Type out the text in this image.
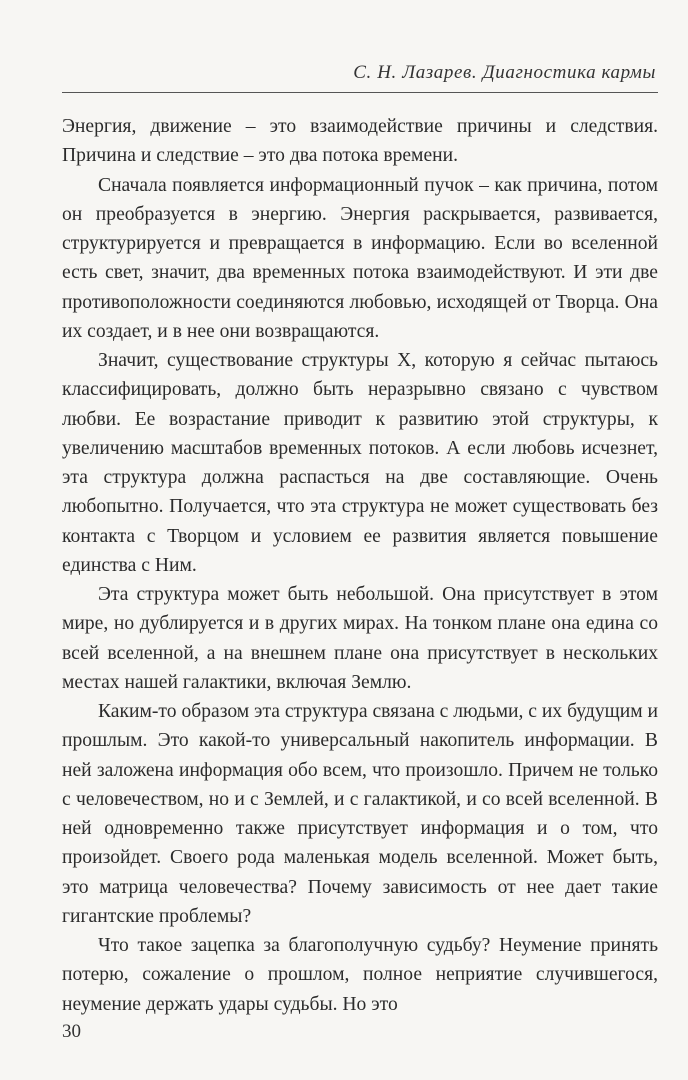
С. Н. Лазарев. Диагностика кармы

Энергия, движение – это взаимодействие причины и следствия. Причина и следствие – это два потока времени.

Сначала появляется информационный пучок – как причина, потом он преобразуется в энергию. Энергия раскрывается, развивается, структурируется и превращается в информацию. Если во вселенной есть свет, значит, два временных потока взаимодействуют. И эти две противоположности соединяются любовью, исходящей от Творца. Она их создает, и в нее они возвращаются.

Значит, существование структуры X, которую я сейчас пытаюсь классифицировать, должно быть неразрывно связано с чувством любви. Ее возрастание приводит к развитию этой структуры, к увеличению масштабов временных потоков. А если любовь исчезнет, эта структура должна распасться на две составляющие. Очень любопытно. Получается, что эта структура не может существовать без контакта с Творцом и условием ее развития является повышение единства с Ним.

Эта структура может быть небольшой. Она присутствует в этом мире, но дублируется и в других мирах. На тонком плане она едина со всей вселенной, а на внешнем плане она присутствует в нескольких местах нашей галактики, включая Землю.

Каким-то образом эта структура связана с людьми, с их будущим и прошлым. Это какой-то универсальный накопитель информации. В ней заложена информация обо всем, что произошло. Причем не только с человечеством, но и с Землей, и с галактикой, и со всей вселенной. В ней одновременно также присутствует информация и о том, что произойдет. Своего рода маленькая модель вселенной. Может быть, это матрица человечества? Почему зависимость от нее дает такие гигантские проблемы?

Что такое зацепка за благополучную судьбу? Неумение принять потерю, сожаление о прошлом, полное неприятие случившегося, неумение держать удары судьбы. Но это

30
